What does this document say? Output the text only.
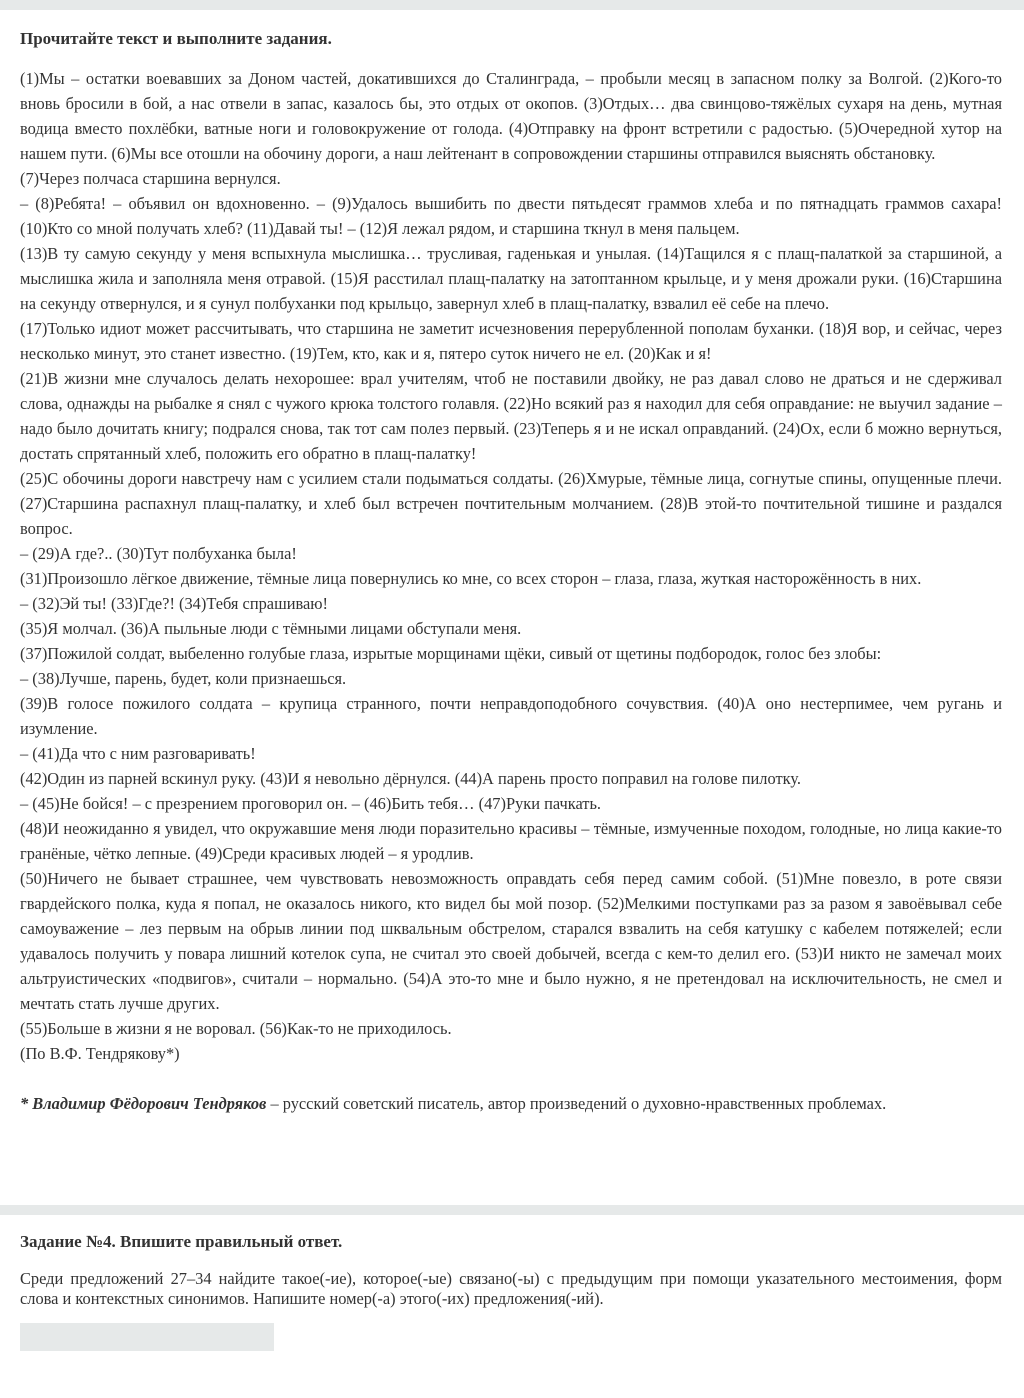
Прочитайте текст и выполните задания.

(1)Мы – остатки воевавших за Доном частей, докатившихся до Сталинграда, – пробыли месяц в запасном полку за Волгой. (2)Кого-то вновь бросили в бой, а нас отвели в запас, казалось бы, это отдых от окопов. (3)Отдых… два свинцово-тяжёлых сухаря на день, мутная водица вместо похлёбки, ватные ноги и головокружение от голода. (4)Отправку на фронт встретили с радостью. (5)Очередной хутор на нашем пути. (6)Мы все отошли на обочину дороги, а наш лейтенант в сопровождении старшины отправился выяснять обстановку.

(7)Через полчаса старшина вернулся.

– (8)Ребята! – объявил он вдохновенно. – (9)Удалось вышибить по двести пятьдесят граммов хлеба и по пятнадцать граммов сахара! (10)Кто со мной получать хлеб? (11)Давай ты! – (12)Я лежал рядом, и старшина ткнул в меня пальцем.

(13)В ту самую секунду у меня вспыхнула мыслишка… трусливая, гаденькая и унылая. (14)Тащился я с плащ-палаткой за старшиной, а мыслишка жила и заполняла меня отравой. (15)Я расстилал плащ-палатку на затоптанном крыльце, и у меня дрожали руки. (16)Старшина на секунду отвернулся, и я сунул полбуханки под крыльцо, завернул хлеб в плащ-палатку, взвалил её себе на плечо.

(17)Только идиот может рассчитывать, что старшина не заметит исчезновения перерубленной пополам буханки. (18)Я вор, и сейчас, через несколько минут, это станет известно. (19)Тем, кто, как и я, пятеро суток ничего не ел. (20)Как и я!

(21)В жизни мне случалось делать нехорошее: врал учителям, чтоб не поставили двойку, не раз давал слово не драться и не сдерживал слова, однажды на рыбалке я снял с чужого крюка толстого голавля. (22)Но всякий раз я находил для себя оправдание: не выучил задание – надо было дочитать книгу; подрался снова, так тот сам полез первый. (23)Теперь я и не искал оправданий. (24)Ох, если б можно вернуться, достать спрятанный хлеб, положить его обратно в плащ-палатку!

(25)С обочины дороги навстречу нам с усилием стали подыматься солдаты. (26)Хмурые, тёмные лица, согнутые спины, опущенные плечи. (27)Старшина распахнул плащ-палатку, и хлеб был встречен почтительным молчанием. (28)В этой-то почтительной тишине и раздался вопрос.

– (29)А где?.. (30)Тут полбуханка была!

(31)Произошло лёгкое движение, тёмные лица повернулись ко мне, со всех сторон – глаза, глаза, жуткая насторожённость в них.

– (32)Эй ты! (33)Где?! (34)Тебя спрашиваю!

(35)Я молчал. (36)А пыльные люди с тёмными лицами обступали меня.

(37)Пожилой солдат, выбеленно голубые глаза, изрытые морщинами щёки, сивый от щетины подбородок, голос без злобы:

– (38)Лучше, парень, будет, коли признаешься.

(39)В голосе пожилого солдата – крупица странного, почти неправдоподобного сочувствия. (40)А оно нестерпимее, чем ругань и изумление.

– (41)Да что с ним разговаривать!

(42)Один из парней вскинул руку. (43)И я невольно дёрнулся. (44)А парень просто поправил на голове пилотку.

– (45)Не бойся! – с презрением проговорил он. – (46)Бить тебя… (47)Руки пачкать.

(48)И неожиданно я увидел, что окружавшие меня люди поразительно красивы – тёмные, измученные походом, голодные, но лица какие-то гранёные, чётко лепные. (49)Среди красивых людей – я уродлив.

(50)Ничего не бывает страшнее, чем чувствовать невозможность оправдать себя перед самим собой. (51)Мне повезло, в роте связи гвардейского полка, куда я попал, не оказалось никого, кто видел бы мой позор. (52)Мелкими поступками раз за разом я завоёвывал себе самоуважение – лез первым на обрыв линии под шквальным обстрелом, старался взвалить на себя катушку с кабелем потяжелей; если удавалось получить у повара лишний котелок супа, не считал это своей добычей, всегда с кем-то делил его. (53)И никто не замечал моих альтруистических «подвигов», считали – нормально. (54)А это-то мне и было нужно, я не претендовал на исключительность, не смел и мечтать стать лучше других.

(55)Больше в жизни я не воровал. (56)Как-то не приходилось.

(По В.Ф. Тендрякову*)

* Владимир Фёдорович Тендряков – русский советский писатель, автор произведений о духовно-нравственных проблемах.
Задание №4. Впишите правильный ответ.

Среди предложений 27–34 найдите такое(-ие), которое(-ые) связано(-ы) с предыдущим при помощи указательного местоимения, форм слова и контекстных синонимов. Напишите номер(-а) этого(-их) предложения(-ий).
